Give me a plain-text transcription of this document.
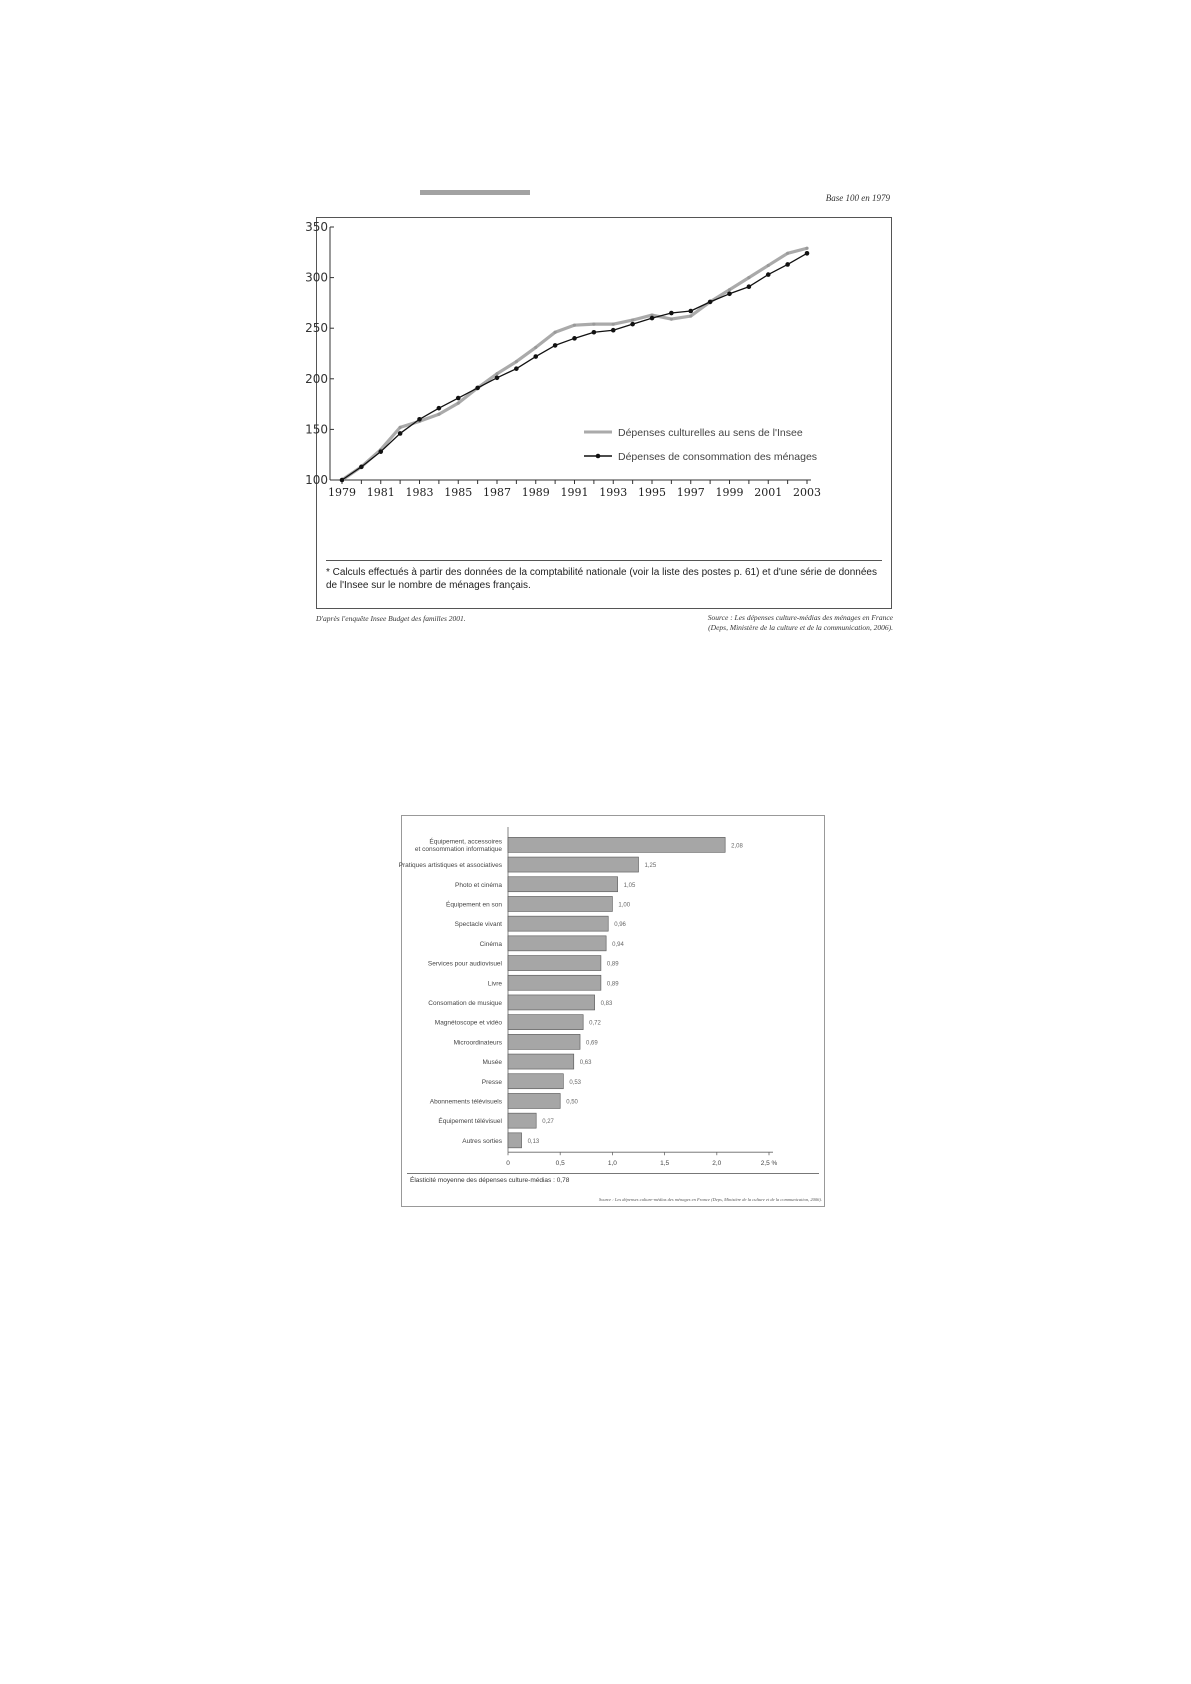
Base 100 en 1979
100
150
200
250
300
350
1979 1981 1983 1985 1987 1989 1991 1993 1995 1997 1999 2001 2003
Dépenses culturelles au sens de l'Insee
Dépenses de consommation des ménages
* Calculs effectués à partir des données de la comptabilité nationale (voir la liste des postes p. 61) et d'une série de données de l'Insee sur le nombre de ménages français.
D'après l'enquête Insee Budget des familles 2001.	Source : Les dépenses culture-médias des ménages en France
(Deps, Ministère de la culture et de la communication, 2006).
0	0,5	1,0	1,5	2,0	2,5 %
2,08
Équipement, accessoires
et consommation informatique
1,25
Pratiques artistiques et associatives
1,05
Photo et cinéma
1,00
Équipement en son
0,96
Spectacle vivant
0,94
Cinéma
0,89
Services pour audiovisuel
0,89
Livre
0,83
Consomation de musique
0,72
Magnétoscope et vidéo
0,69
Microordinateurs
0,63
Musée
0,53
Presse
0,50
Abonnements télévisuels
0,27
Équipement télévisuel
0,13
Autres sorties
Élasticité moyenne des dépenses culture-médias : 0,78
Source : Les dépenses culture-médias des ménages en France (Deps, Ministère de la culture et de la communication, 2006).
